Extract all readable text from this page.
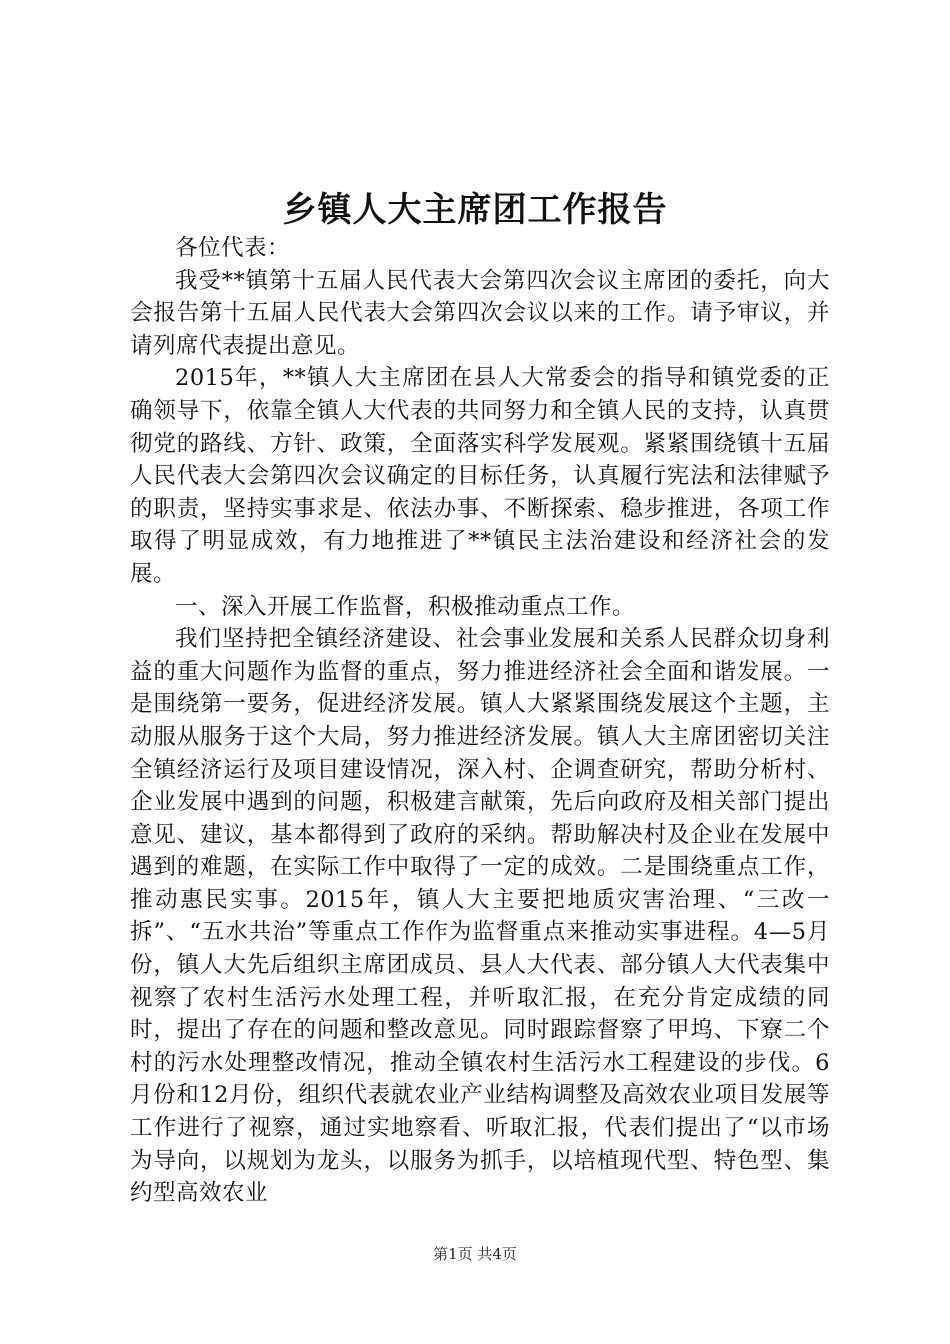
乡镇人大主席团工作报告

各位代表：

我受**镇第十五届人民代表大会第四次会议主席团的委托，向大会报告第十五届人民代表大会第四次会议以来的工作。请予审议，并请列席代表提出意见。

2015年，**镇人大主席团在县人大常委会的指导和镇党委的正确领导下，依靠全镇人大代表的共同努力和全镇人民的支持，认真贯彻党的路线、方针、政策，全面落实科学发展观。紧紧围绕镇十五届人民代表大会第四次会议确定的目标任务，认真履行宪法和法律赋予的职责，坚持实事求是、依法办事、不断探索、稳步推进，各项工作取得了明显成效，有力地推进了**镇民主法治建设和经济社会的发展。

一、深入开展工作监督，积极推动重点工作。

我们坚持把全镇经济建设、社会事业发展和关系人民群众切身利益的重大问题作为监督的重点，努力推进经济社会全面和谐发展。一是围绕第一要务，促进经济发展。镇人大紧紧围绕发展这个主题，主动服从服务于这个大局，努力推进经济发展。镇人大主席团密切关注全镇经济运行及项目建设情况，深入村、企调查研究，帮助分析村、企业发展中遇到的问题，积极建言献策，先后向政府及相关部门提出意见、建议，基本都得到了政府的采纳。帮助解决村及企业在发展中遇到的难题，在实际工作中取得了一定的成效。二是围绕重点工作，推动惠民实事。2015年，镇人大主要把地质灾害治理、“三改一拆”、“五水共治”等重点工作作为监督重点来推动实事进程。4—5月份，镇人大先后组织主席团成员、县人大代表、部分镇人大代表集中视察了农村生活污水处理工程，并听取汇报，在充分肯定成绩的同时，提出了存在的问题和整改意见。同时跟踪督察了甲坞、下寮二个村的污水处理整改情况，推动全镇农村生活污水工程建设的步伐。6月份和12月份，组织代表就农业产业结构调整及高效农业项目发展等工作进行了视察，通过实地察看、听取汇报，代表们提出了“以市场为导向，以规划为龙头，以服务为抓手，以培植现代型、特色型、集约型高效农业

第1页 共4页
